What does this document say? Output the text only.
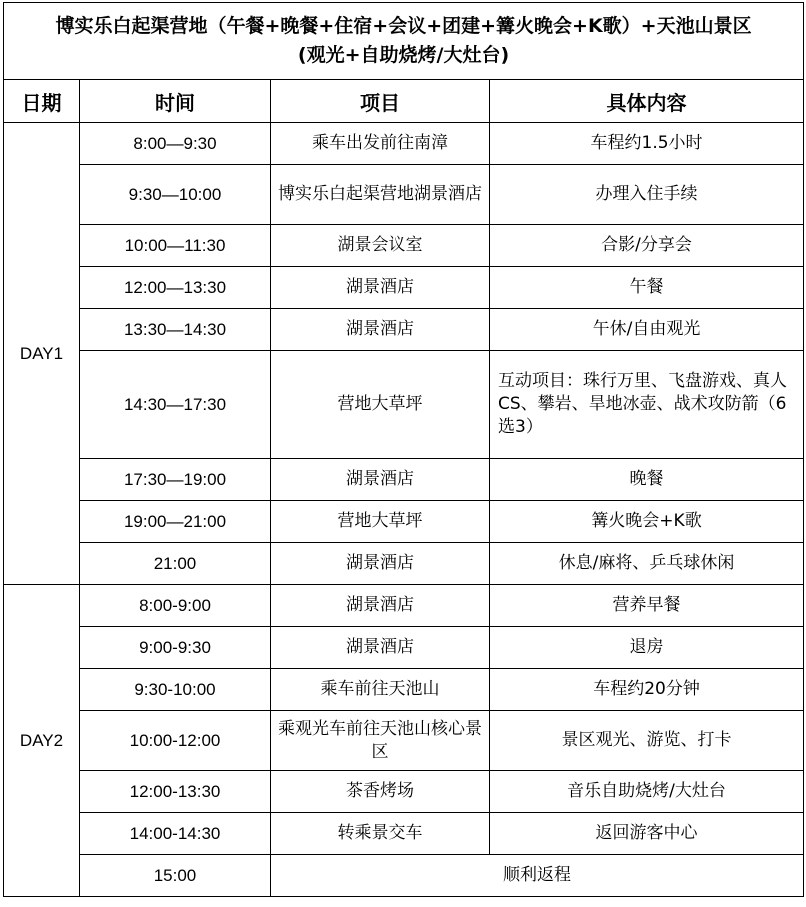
博实乐白起渠营地（午餐+晚餐+住宿+会议+团建+篝火晚会+K歌）+天池山景区
(观光+自助烧烤/大灶台)			

日期	时间	项目	具体内容
DAY1	8:00—9:30	乘车出发前往南漳	车程约1.5小时
	9:30—10:00	博实乐白起渠营地湖景酒店	办理入住手续
	10:00—11:30	湖景会议室	合影/分享会
	12:00—13:30	湖景酒店	午餐
	13:30—14:30	湖景酒店	午休/自由观光
	14:30—17:30	营地大草坪	互动项目：珠行万里、飞盘游戏、真人CS、攀岩、旱地冰壶、战术攻防箭（6选3）
	17:30—19:00	湖景酒店	晚餐
	19:00—21:00	营地大草坪	篝火晚会+K歌
	21:00	湖景酒店	休息/麻将、乒乓球休闲
DAY2	8:00-9:00	湖景酒店	营养早餐
	9:00-9:30	湖景酒店	退房
	9:30-10:00	乘车前往天池山	车程约20分钟
	10:00-12:00	乘观光车前往天池山核心景区	景区观光、游览、打卡
	12:00-13:30	茶香烤场	音乐自助烧烤/大灶台
	14:00-14:30	转乘景交车	返回游客中心
	15:00	顺利返程	
